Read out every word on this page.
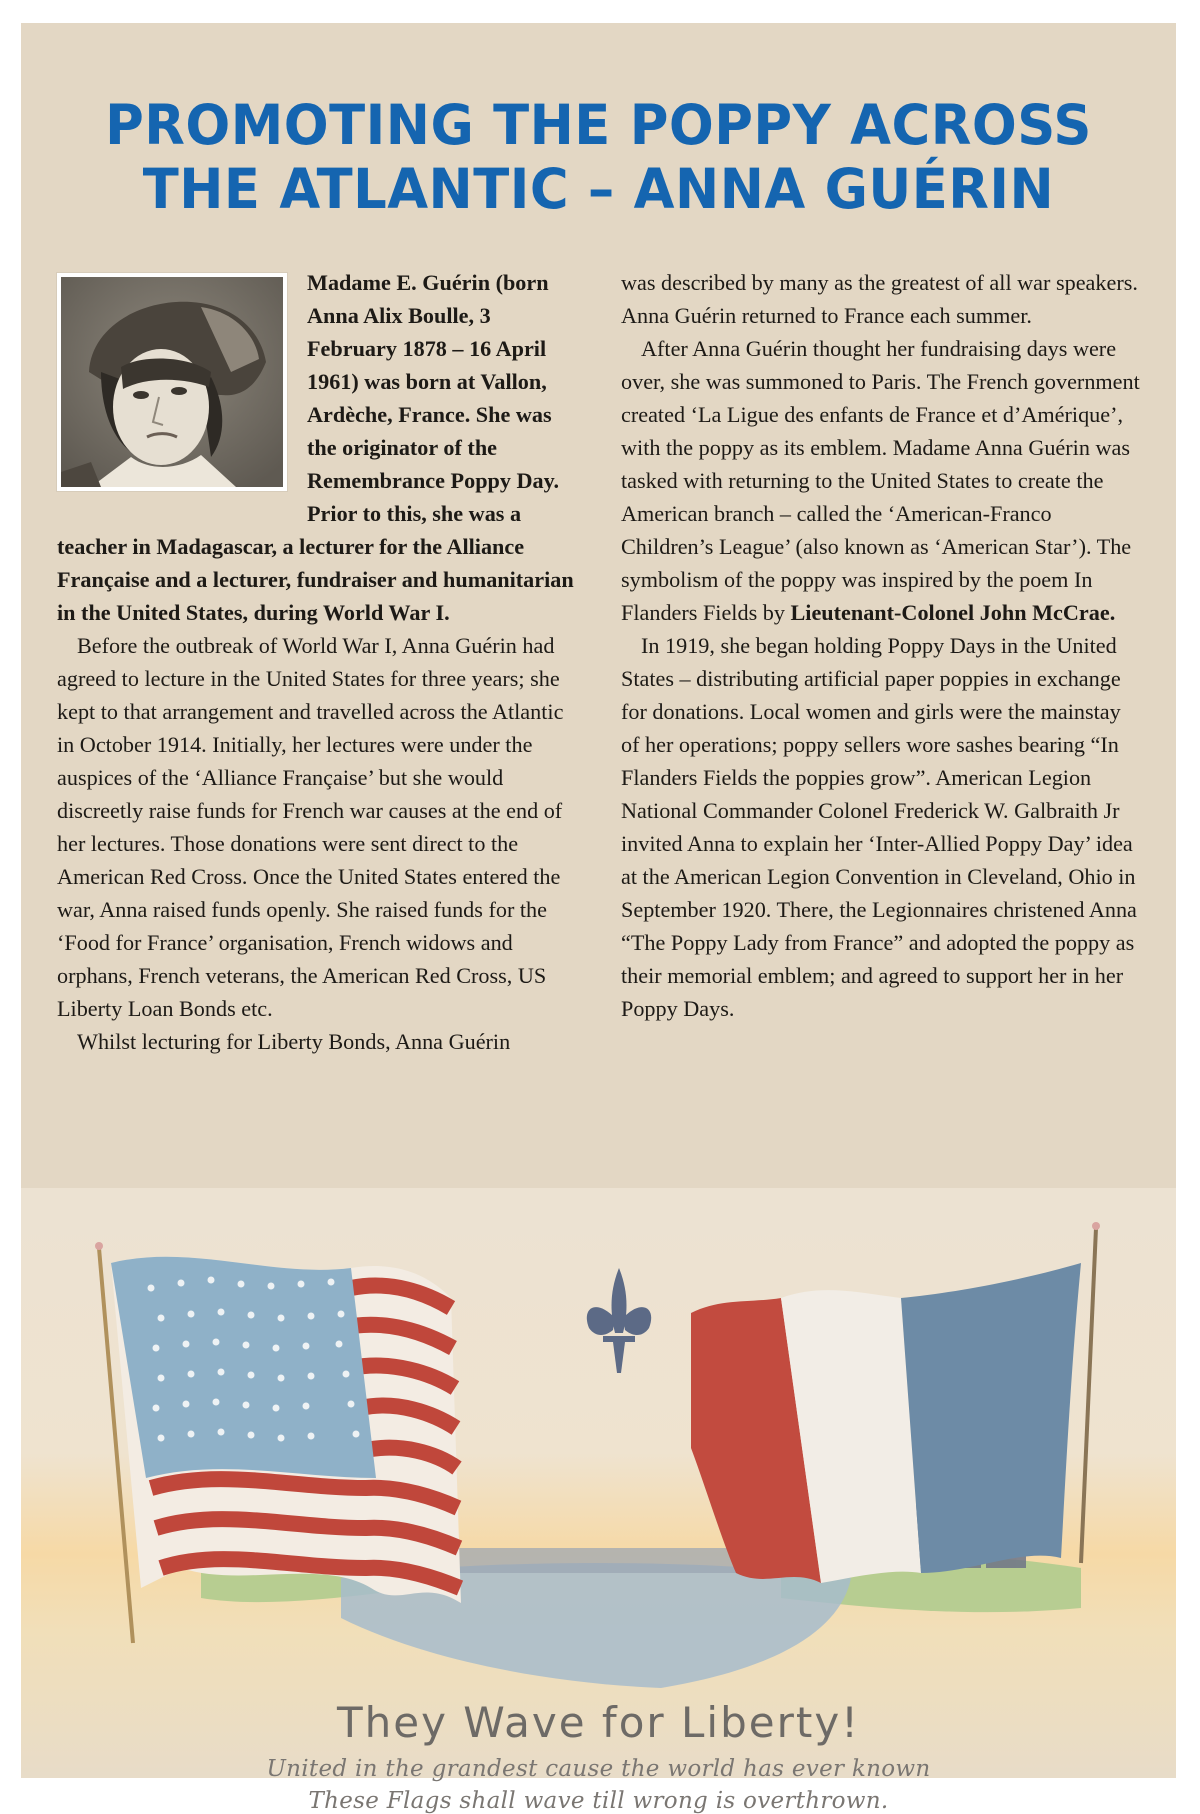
PROMOTING THE POPPY ACROSS
THE ATLANTIC – ANNA GUÉRIN

Madame E. Guérin (born Anna Alix Boulle, 3 February 1878 – 16 April 1961) was born at Vallon, Ardèche, France. She was the originator of the Remembrance Poppy Day. Prior to this, she was a teacher in Madagascar, a lecturer for the Alliance Française and a lecturer, fundraiser and humanitarian in the United States, during World War I.

Before the outbreak of World War I, Anna Guérin had agreed to lecture in the United States for three years; she kept to that arrangement and travelled across the Atlantic in October 1914. Initially, her lectures were under the auspices of the ‘Alliance Française’ but she would discreetly raise funds for French war causes at the end of her lectures. Those donations were sent direct to the American Red Cross. Once the United States entered the war, Anna raised funds openly. She raised funds for the ‘Food for France’ organisation, French widows and orphans, French veterans, the American Red Cross, US Liberty Loan Bonds etc.

Whilst lecturing for Liberty Bonds, Anna Guérin

was described by many as the greatest of all war speakers. Anna Guérin returned to France each summer.

After Anna Guérin thought her fundraising days were over, she was summoned to Paris. The French government created ‘La Ligue des enfants de France et d’Amérique’, with the poppy as its emblem. Madame Anna Guérin was tasked with returning to the United States to create the American branch – called the ‘American-Franco Children’s League’ (also known as ‘American Star’). The symbolism of the poppy was inspired by the poem In Flanders Fields by Lieutenant-Colonel John McCrae.

In 1919, she began holding Poppy Days in the United States – distributing artificial paper poppies in exchange for donations. Local women and girls were the mainstay of her operations; poppy sellers wore sashes bearing “In Flanders Fields the poppies grow”. American Legion National Commander Colonel Frederick W. Galbraith Jr invited Anna to explain her ‘Inter-Allied Poppy Day’ idea at the American Legion Convention in Cleveland, Ohio in September 1920. There, the Legionnaires christened Anna “The Poppy Lady from France” and adopted the poppy as their memorial emblem; and agreed to support her in her Poppy Days.

They Wave for Liberty!
United in the grandest cause the world has ever known
These Flags shall wave till wrong is overthrown.
